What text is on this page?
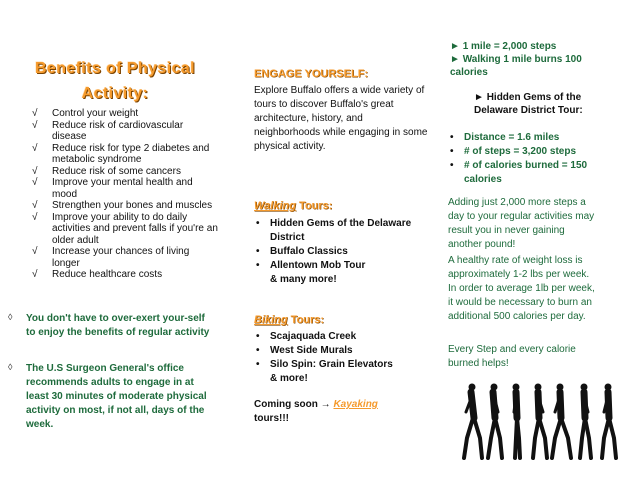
Benefits of Physical
Activity:
√ Control your weight
√ Reduce risk of cardiovascular disease
√ Reduce risk for type 2 diabetes and metabolic syndrome
√ Reduce risk of some cancers
√ Improve your mental health and mood
√ Strengthen your bones and muscles
√ Improve your ability to do daily activities and prevent falls if you're an older adult
√ Increase your chances of living longer
√ Reduce healthcare costs
◊ You don't have to over-exert your-self to enjoy the benefits of regular activity
◊ The U.S Surgeon General's office recommends adults to engage in at least 30 minutes of moderate physical activity on most, if not all, days of the week.
ENGAGE YOURSELF:
Explore Buffalo offers a wide variety of tours to discover Buffalo's great architecture, history, and neighborhoods while engaging in some physical activity.
Walking Tours:
• Hidden Gems of the Delaware District
• Buffalo Classics
• Allentown Mob Tour
& many more!
Biking Tours:
• Scajaquada Creek
• West Side Murals
• Silo Spin: Grain Elevators
& more!
Coming soon → Kayaking
tours!!!
► 1 mile = 2,000 steps
► Walking 1 mile burns 100 calories
► Hidden Gems of the Delaware District Tour:
• Distance = 1.6 miles
• # of steps = 3,200 steps
• # of calories burned = 150 calories
Adding just 2,000 more steps a day to your regular activities may result you in never gaining another pound!
A healthy rate of weight loss is approximately 1-2 lbs per week. In order to average 1lb per week, it would be necessary to burn an additional 500 calories per day.
Every Step and every calorie burned helps!
